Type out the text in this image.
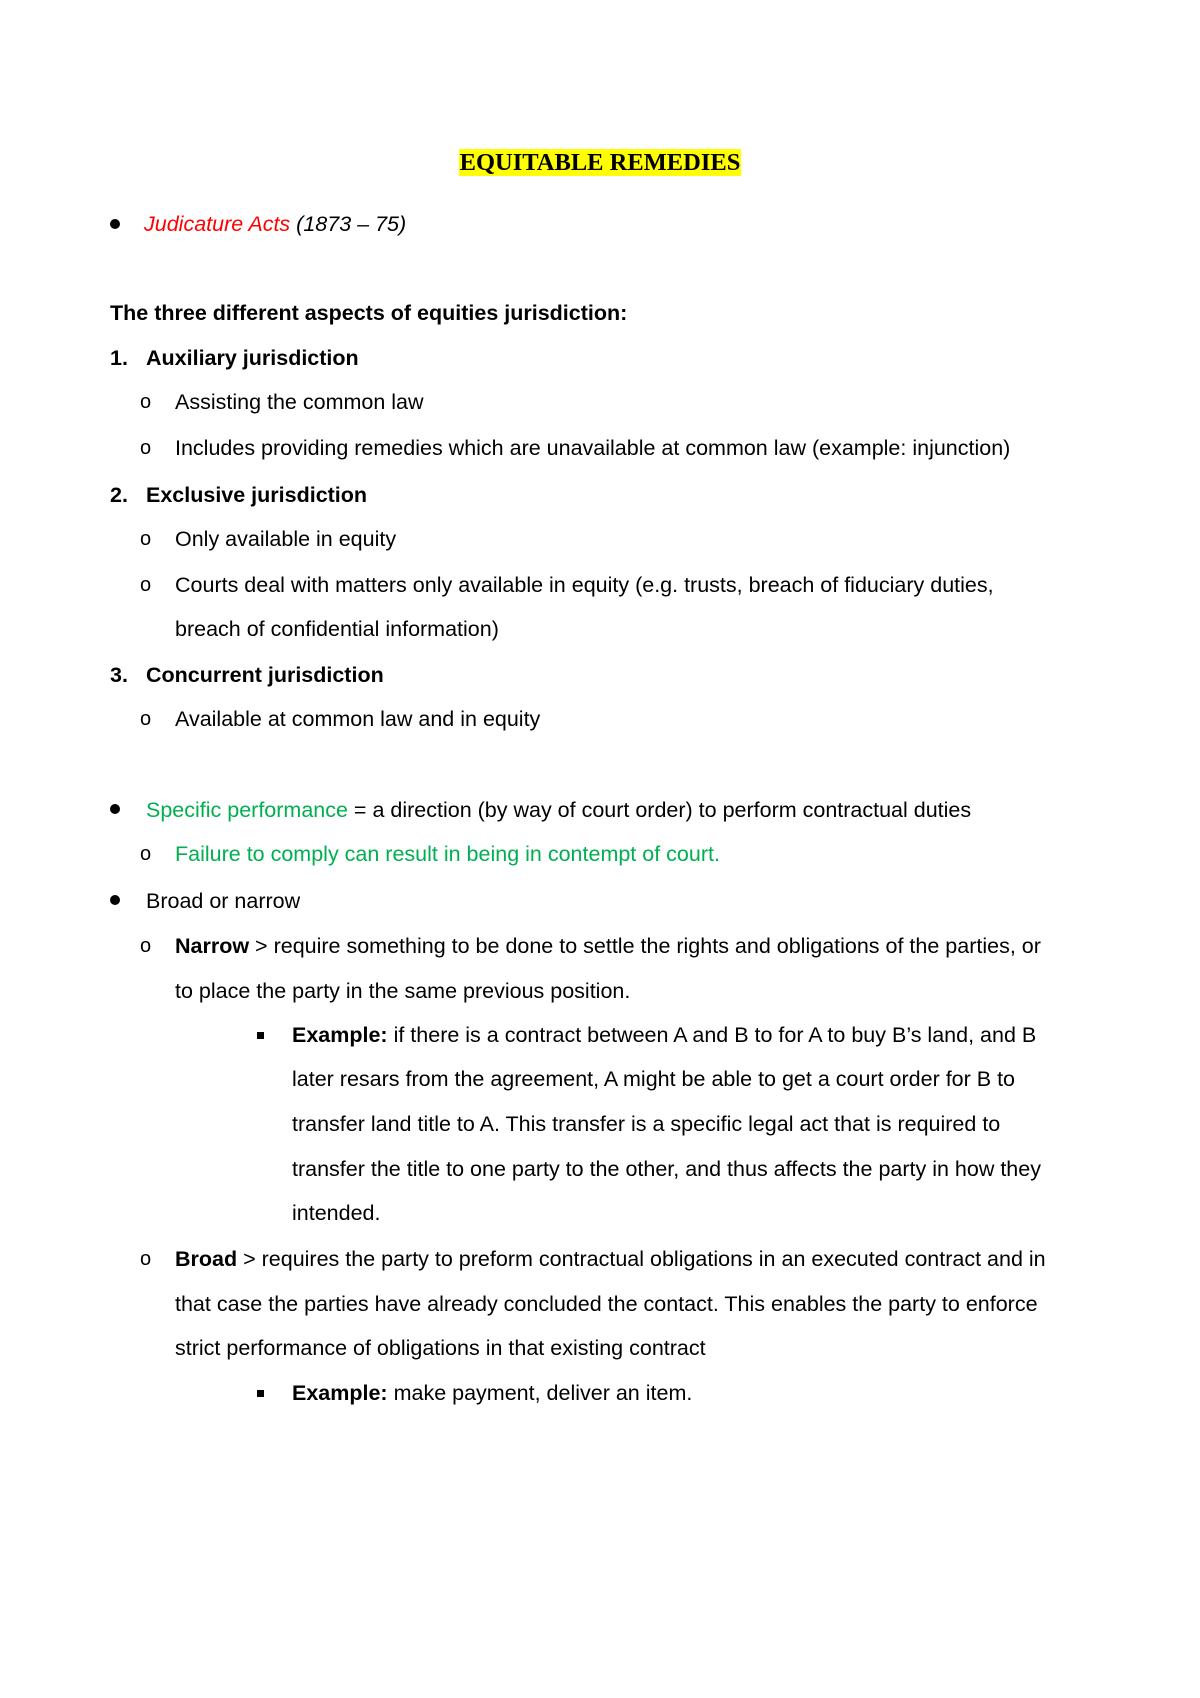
EQUITABLE REMEDIES
Judicature Acts (1873 – 75)
The three different aspects of equities jurisdiction:
1. Auxiliary jurisdiction
o Assisting the common law
o Includes providing remedies which are unavailable at common law (example: injunction)
2. Exclusive jurisdiction
o Only available in equity
o Courts deal with matters only available in equity (e.g. trusts, breach of fiduciary duties,
breach of confidential information)
3. Concurrent jurisdiction
o Available at common law and in equity
Specific performance = a direction (by way of court order) to perform contractual duties
o Failure to comply can result in being in contempt of court.
Broad or narrow
o Narrow > require something to be done to settle the rights and obligations of the parties, or
to place the party in the same previous position.
Example: if there is a contract between A and B to for A to buy B’s land, and B
later resars from the agreement, A might be able to get a court order for B to
transfer land title to A. This transfer is a specific legal act that is required to
transfer the title to one party to the other, and thus affects the party in how they
intended.
o Broad > requires the party to preform contractual obligations in an executed contract and in
that case the parties have already concluded the contact. This enables the party to enforce
strict performance of obligations in that existing contract
Example: make payment, deliver an item.
